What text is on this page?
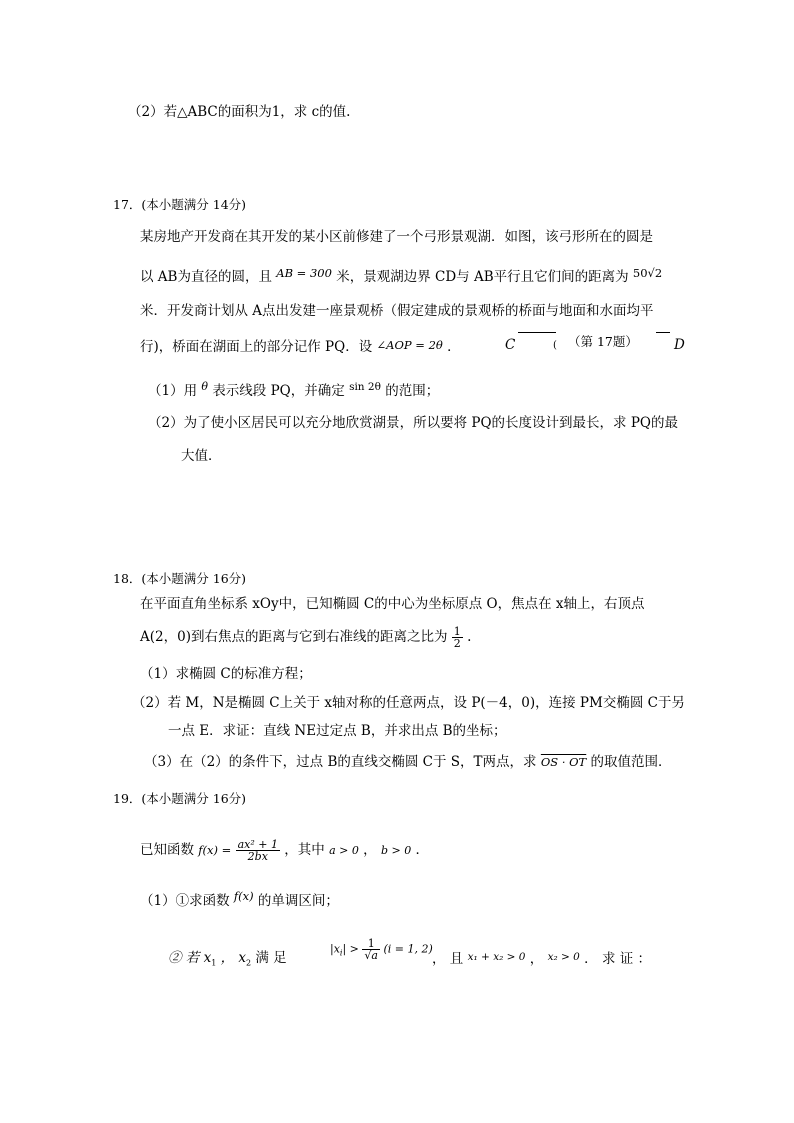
（2）若△ABC的面积为1，求 c的值.
17．(本小题满分 14分)
某房地产开发商在其开发的某小区前修建了一个弓形景观湖．如图，该弓形所在的圆是
以 AB为直径的圆，且 AB = 300 米，景观湖边界 CD与 AB平行且它们间的距离为 50√2
米．开发商计划从 A点出发建一座景观桥（假定建成的景观桥的桥面与地面和水面均平
行)，桥面在湖面上的部分记作 PQ．设 ∠AOP = 2θ ．	C	( （第 17题）	D
（1）用 $^\theta$ 表示线段 PQ，并确定 $^{sin 2\theta}$ 的范围；
（2）为了使小区居民可以充分地欣赏湖景，所以要将 PQ的长度设计到最长，求 PQ的最
大值．
18．(本小题满分 16分)
在平面直角坐标系 xOy中，已知椭圆 C的中心为坐标原点 O，焦点在 x轴上，右顶点
A(2，0)到右焦点的距离与它到右准线的距离之比为 $\frac{1}{2}$ .
（1）求椭圆 C的标准方程；
（2）若 M，N是椭圆 C上关于 x轴对称的任意两点，设 P(－4，0)，连接 PM交椭圆 C于另
一点 E．求证：直线 NE过定点 B，并求出点 B的坐标；
（3）在（2）的条件下，过点 B的直线交椭圆 C于 S，T两点，求 OS · OT 的取值范围．
19．(本小题满分 16分)
已知函数 $f(x) = \frac{\text{ax² + 1}}{2bx}$ ，其中 a > 0 ， b > 0 ．
（1）①求函数 f(x) 的单调区间；
② 若 $x_1$ ， $x_2$ 满 足
$|x_i| > \frac{1}{√a} (i = 1$, 2)
， 且 $^{x_1 + x_2 > 0}$ ， $^{x_2 > 0}$ ． 求 证 ：
